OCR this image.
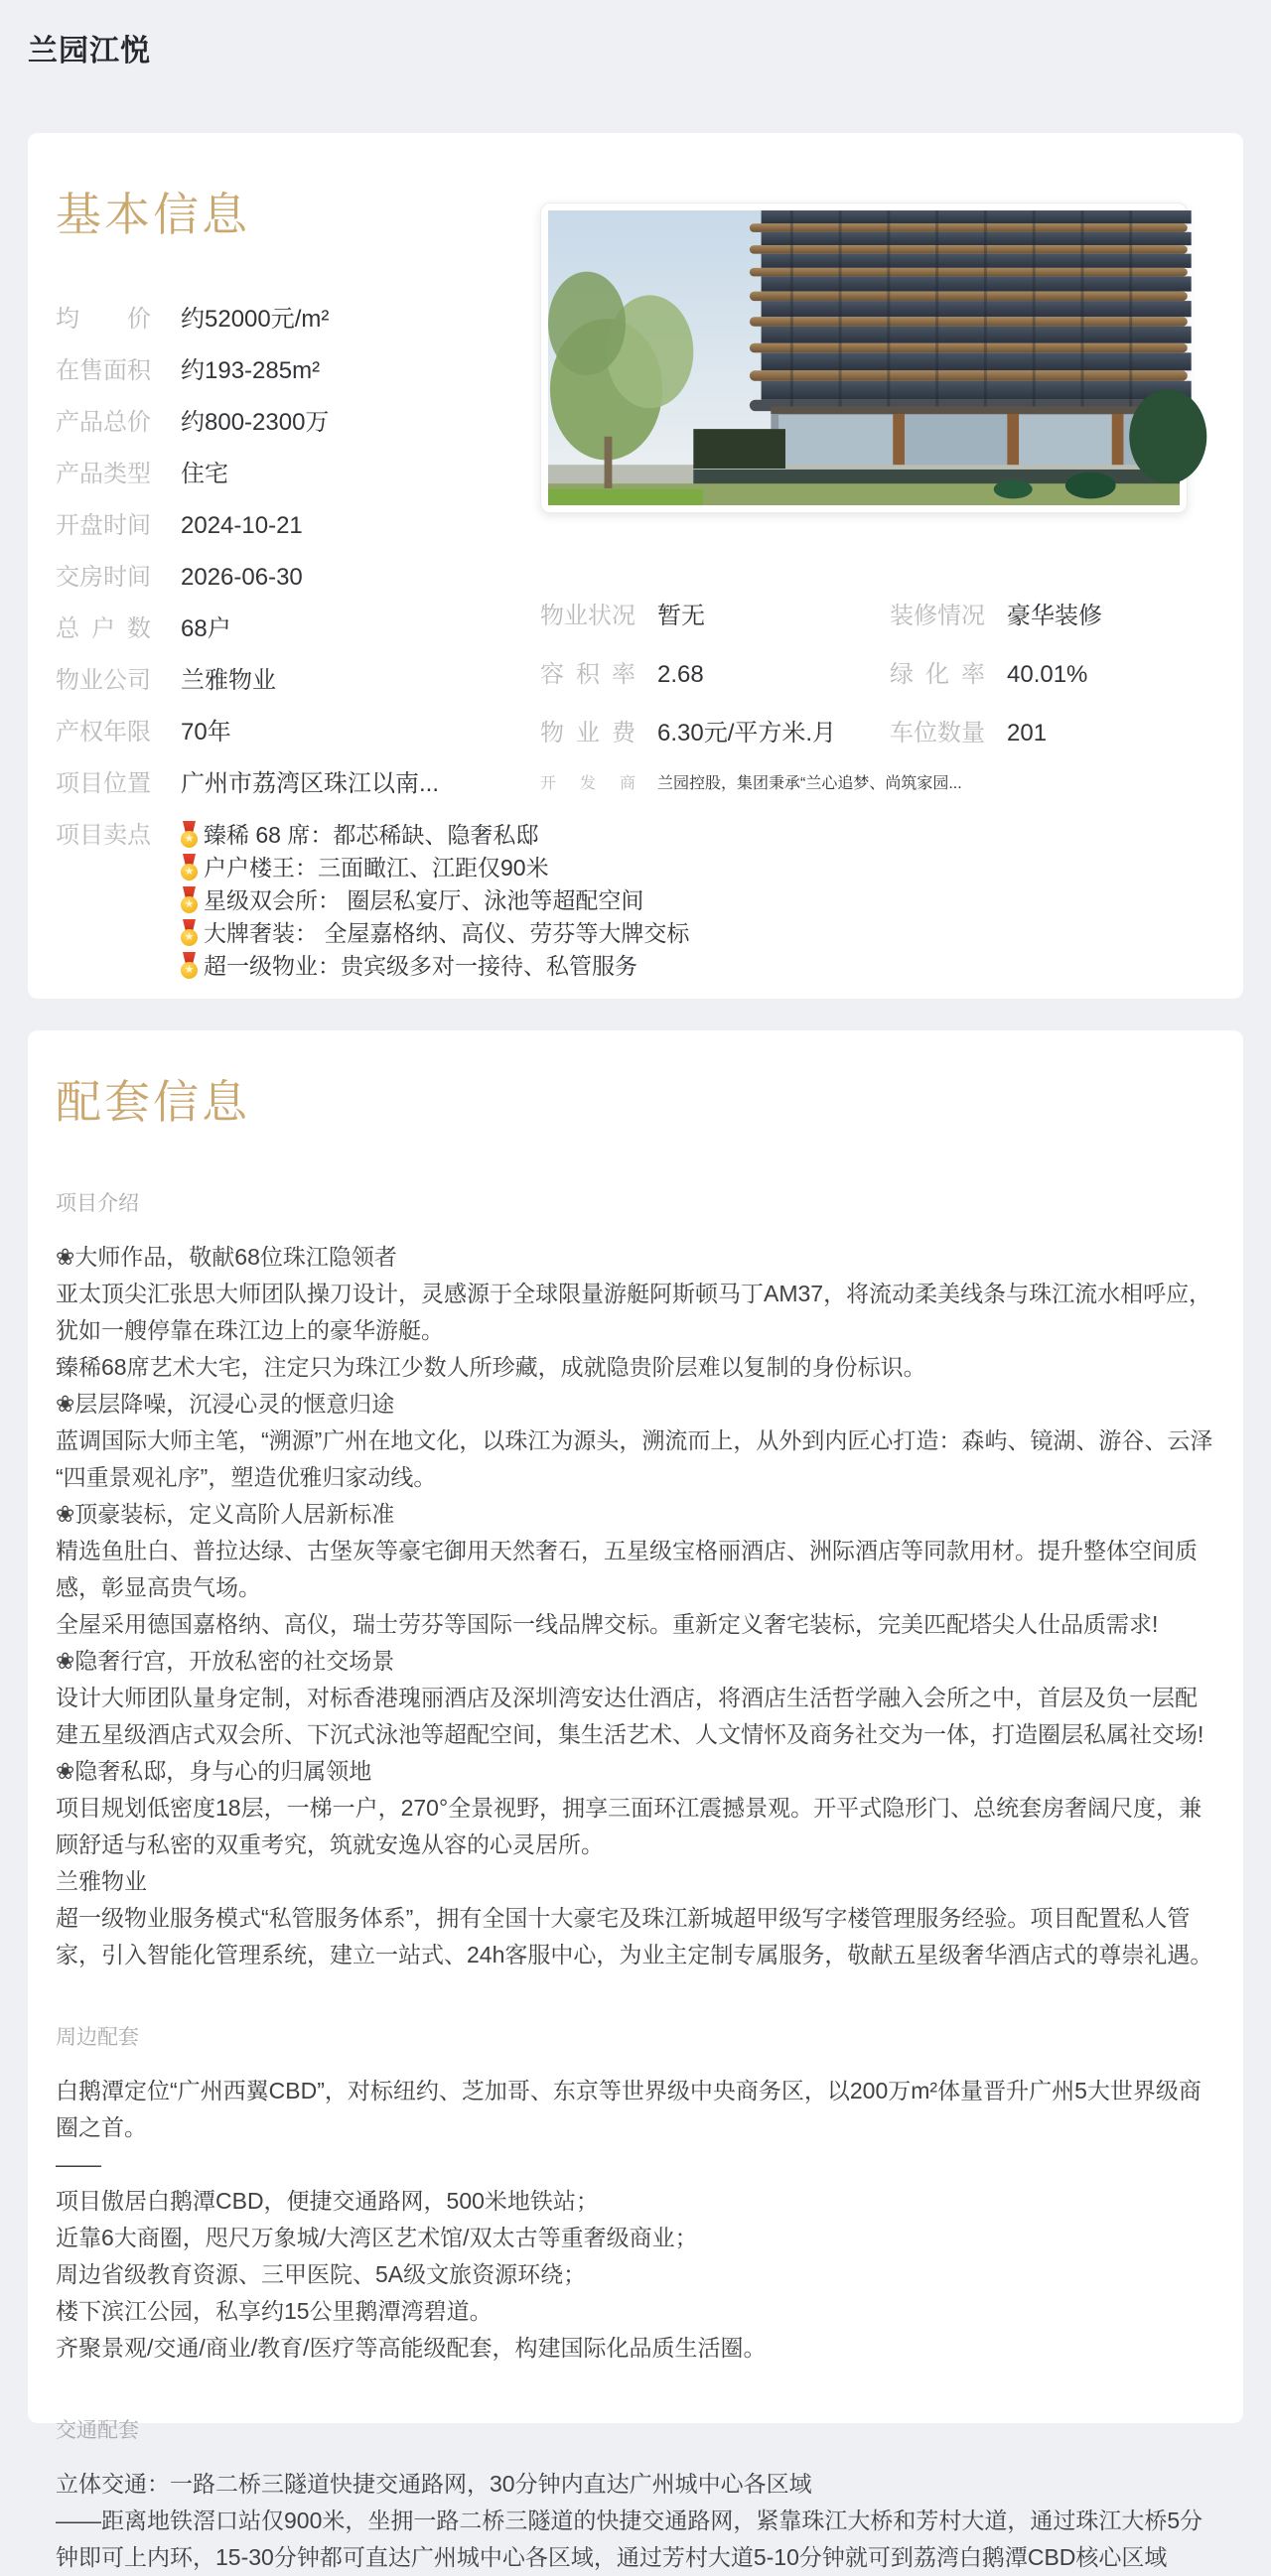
兰园江悦
基本信息
均价 约52000元/m²
在售面积 约193-285m²
产品总价 约800-2300万
产品类型 住宅
开盘时间 2024-10-21
交房时间 2026-06-30
总户数 68户
物业公司 兰雅物业
产权年限 70年
项目位置 广州市荔湾区珠江以南...
项目卖点 ★ 臻稀 68 席：都芯稀缺、隐奢私邸
★
户户楼王：三面瞰江、江距仅90米
★
星级双会所： 圈层私宴厅、泳池等超配空间
★
大牌奢装： 全屋嘉格纳、高仪、劳芬等大牌交标
★
超一级物业：贵宾级多对一接待、私管服务
物业状况 暂无	装修情况 豪华装修
容积率 2.68	绿化率 40.01%
物业费 6.30元/平方米.月 车位数量 201
开发商 兰园控股，集团秉承“兰心追梦、尚筑家园...
配套信息
项目介绍
❀大师作品，敬献68位珠江隐领者
亚太顶尖汇张思大师团队操刀设计，灵感源于全球限量游艇阿斯顿马丁AM37，将流动柔美线条与珠江流水相呼应，犹如一艘停靠在珠江边上的豪华游艇。
臻稀68席艺术大宅，注定只为珠江少数人所珍藏，成就隐贵阶层难以复制的身份标识。
❀层层降噪，沉浸心灵的惬意归途
蓝调国际大师主笔，“溯源”广州在地文化，以珠江为源头，溯流而上，从外到内匠心打造：森屿、镜湖、游谷、云泽“四重景观礼序”，塑造优雅归家动线。
❀顶豪装标，定义高阶人居新标准
精选鱼肚白、普拉达绿、古堡灰等豪宅御用天然奢石，五星级宝格丽酒店、洲际酒店等同款用材。提升整体空间质感，彰显高贵气场。
全屋采用德国嘉格纳、高仪，瑞士劳芬等国际一线品牌交标。重新定义奢宅装标，完美匹配塔尖人仕品质需求!
❀隐奢行宫，开放私密的社交场景
设计大师团队量身定制，对标香港瑰丽酒店及深圳湾安达仕酒店，将酒店生活哲学融入会所之中，首层及负一层配建五星级酒店式双会所、下沉式泳池等超配空间，集生活艺术、人文情怀及商务社交为一体，打造圈层私属社交场!
❀隐奢私邸，身与心的归属领地
项目规划低密度18层，一梯一户，270°全景视野，拥享三面环江震撼景观。开平式隐形门、总统套房奢阔尺度，兼顾舒适与私密的双重考究，筑就安逸从容的心灵居所。
兰雅物业
超一级物业服务模式“私管服务体系”，拥有全国十大豪宅及珠江新城超甲级写字楼管理服务经验。项目配置私人管家，引入智能化管理系统，建立一站式、24h客服中心，为业主定制专属服务，敬献五星级奢华酒店式的尊崇礼遇。
周边配套
白鹅潭定位“广州西翼CBD”，对标纽约、芝加哥、东京等世界级中央商务区，以200万m²体量晋升广州5大世界级商圈之首。
——
项目傲居白鹅潭CBD，便捷交通路网，500米地铁站；
近靠6大商圈，咫尺万象城/大湾区艺术馆/双太古等重奢级商业；
周边省级教育资源、三甲医院、5A级文旅资源环绕；
楼下滨江公园，私享约15公里鹅潭湾碧道。
齐聚景观/交通/商业/教育/医疗等高能级配套，构建国际化品质生活圈。
交通配套
立体交通：一路二桥三隧道快捷交通路网，30分钟内直达广州城中心各区域
——距离地铁滘口站仅900米，坐拥一路二桥三隧道的快捷交通路网，紧靠珠江大桥和芳村大道，通过珠江大桥5分钟即可上内环，15-30分钟都可直达广州城中心各区域，通过芳村大道5-10分钟就可到荔湾白鹅潭CBD核心区域
